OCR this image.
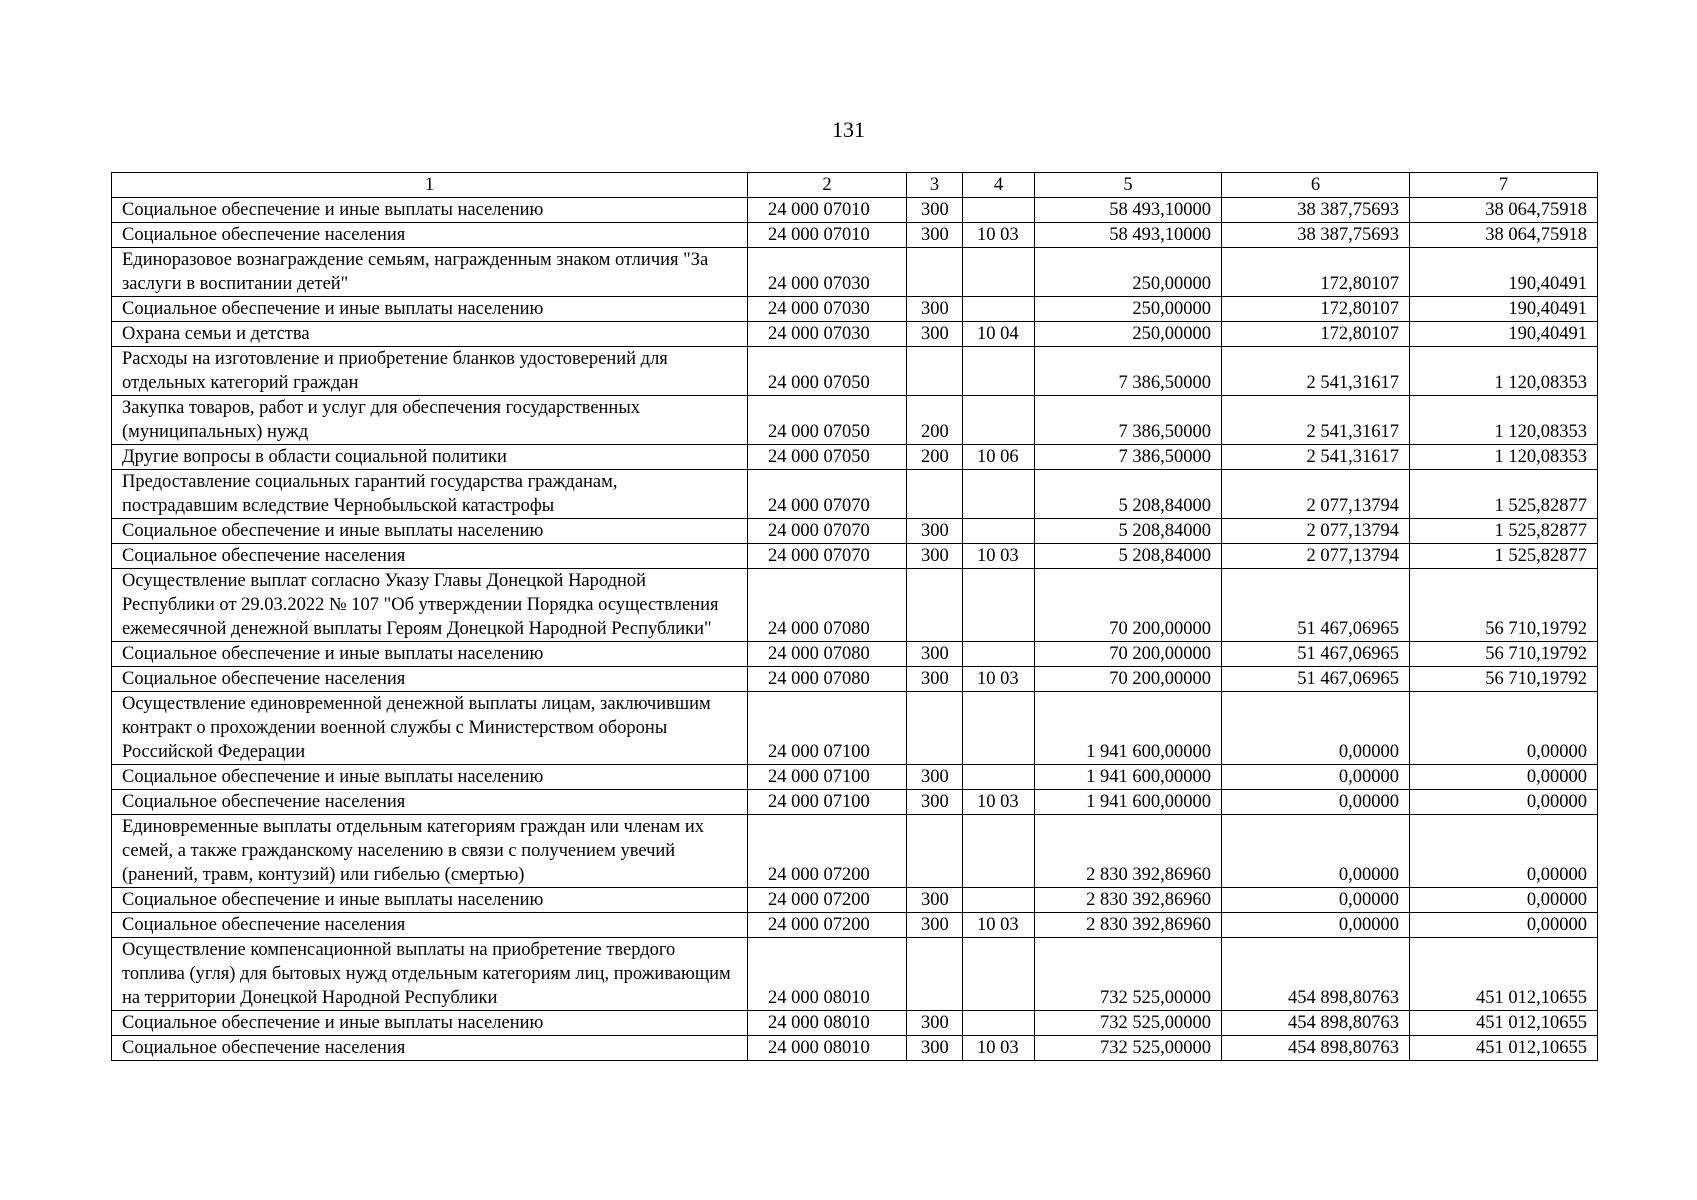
131
1	2	3	4	5	6	7
Социальное обеспечение и иные выплаты населению	24 000 07010	300		58 493,10000	38 387,75693	38 064,75918
Социальное обеспечение населения	24 000 07010	300	10 03	58 493,10000	38 387,75693	38 064,75918
Единоразовое вознаграждение семьям, награжденным знаком отличия "За заслуги в воспитании детей"	24 000 07030			250,00000	172,80107	190,40491
Социальное обеспечение и иные выплаты населению	24 000 07030	300		250,00000	172,80107	190,40491
Охрана семьи и детства	24 000 07030	300	10 04	250,00000	172,80107	190,40491
Расходы на изготовление и приобретение бланков удостоверений для отдельных категорий граждан	24 000 07050			7 386,50000	2 541,31617	1 120,08353
Закупка товаров, работ и услуг для обеспечения государственных (муниципальных) нужд	24 000 07050	200		7 386,50000	2 541,31617	1 120,08353
Другие вопросы в области социальной политики	24 000 07050	200	10 06	7 386,50000	2 541,31617	1 120,08353
Предоставление социальных гарантий государства гражданам, пострадавшим вследствие Чернобыльской катастрофы	24 000 07070			5 208,84000	2 077,13794	1 525,82877
Социальное обеспечение и иные выплаты населению	24 000 07070	300		5 208,84000	2 077,13794	1 525,82877
Социальное обеспечение населения	24 000 07070	300	10 03	5 208,84000	2 077,13794	1 525,82877
Осуществление выплат согласно Указу Главы Донецкой Народной Республики от 29.03.2022 № 107 "Об утверждении Порядка осуществления ежемесячной денежной выплаты Героям Донецкой Народной Республики"	24 000 07080			70 200,00000	51 467,06965	56 710,19792
Социальное обеспечение и иные выплаты населению	24 000 07080	300		70 200,00000	51 467,06965	56 710,19792
Социальное обеспечение населения	24 000 07080	300	10 03	70 200,00000	51 467,06965	56 710,19792
Осуществление единовременной денежной выплаты лицам, заключившим контракт о прохождении военной службы с Министерством обороны Российской Федерации	24 000 07100			1 941 600,00000	0,00000	0,00000
Социальное обеспечение и иные выплаты населению	24 000 07100	300		1 941 600,00000	0,00000	0,00000
Социальное обеспечение населения	24 000 07100	300	10 03	1 941 600,00000	0,00000	0,00000
Единовременные выплаты отдельным категориям граждан или членам их семей, а также гражданскому населению в связи с получением увечий (ранений, травм, контузий) или гибелью (смертью)	24 000 07200			2 830 392,86960	0,00000	0,00000
Социальное обеспечение и иные выплаты населению	24 000 07200	300		2 830 392,86960	0,00000	0,00000
Социальное обеспечение населения	24 000 07200	300	10 03	2 830 392,86960	0,00000	0,00000
Осуществление компенсационной выплаты на приобретение твердого топлива (угля) для бытовых нужд отдельным категориям лиц, проживающим на территории Донецкой Народной Республики	24 000 08010			732 525,00000	454 898,80763	451 012,10655
Социальное обеспечение и иные выплаты населению	24 000 08010	300		732 525,00000	454 898,80763	451 012,10655
Социальное обеспечение населения	24 000 08010	300	10 03	732 525,00000	454 898,80763	451 012,10655
